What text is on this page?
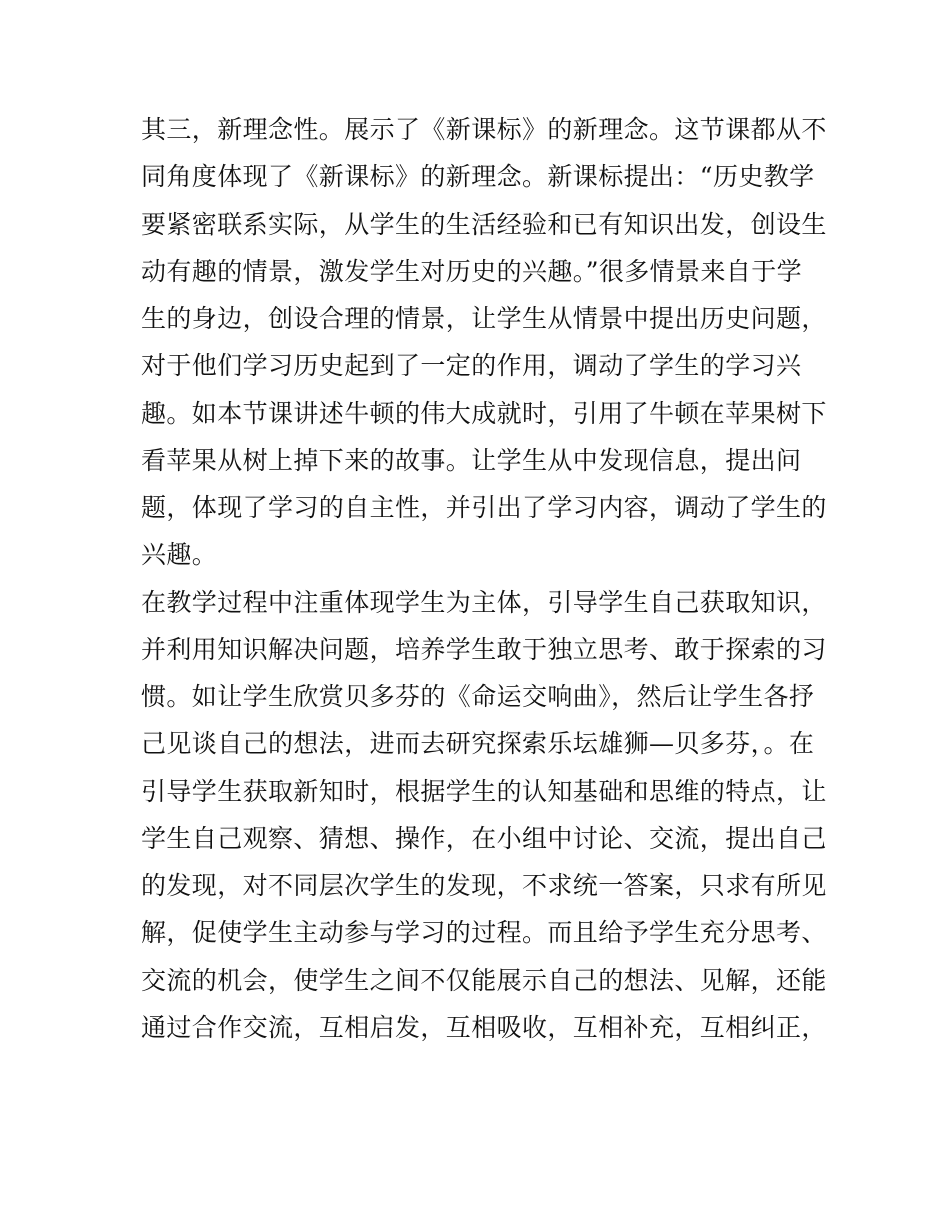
其三，新理念性。展示了《新课标》的新理念。这节课都从不
同角度体现了《新课标》的新理念。新课标提出：“历史教学
要紧密联系实际，从学生的生活经验和已有知识出发，创设生
动有趣的情景，激发学生对历史的兴趣。”很多情景来自于学
生的身边，创设合理的情景，让学生从情景中提出历史问题，
对于他们学习历史起到了一定的作用，调动了学生的学习兴
趣。如本节课讲述牛顿的伟大成就时，引用了牛顿在苹果树下
看苹果从树上掉下来的故事。让学生从中发现信息，提出问
题，体现了学习的自主性，并引出了学习内容，调动了学生的
兴趣。
在教学过程中注重体现学生为主体，引导学生自己获取知识，
并利用知识解决问题，培养学生敢于独立思考、敢于探索的习
惯。如让学生欣赏贝多芬的《命运交响曲》，然后让学生各抒
己见谈自己的想法，进而去研究探索乐坛雄狮—贝多芬，。在
引导学生获取新知时，根据学生的认知基础和思维的特点，让
学生自己观察、猜想、操作，在小组中讨论、交流，提出自己
的发现，对不同层次学生的发现，不求统一答案，只求有所见
解，促使学生主动参与学习的过程。而且给予学生充分思考、
交流的机会，使学生之间不仅能展示自己的想法、见解，还能
通过合作交流，互相启发，互相吸收，互相补充，互相纠正，
